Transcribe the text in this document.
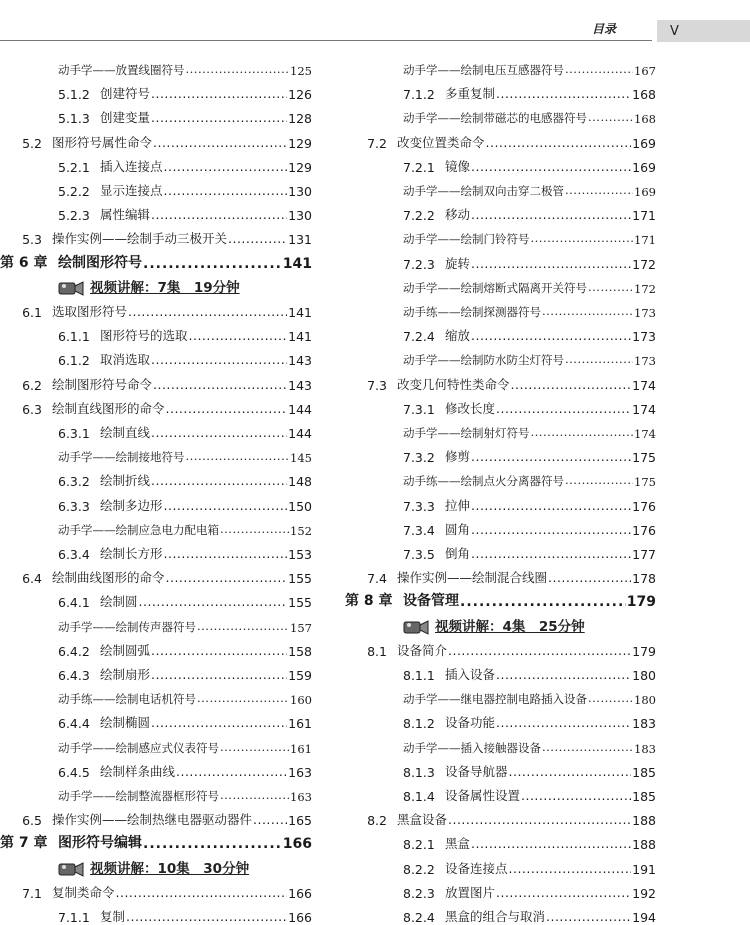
目录	V
动手学——放置线圈符号 .....	125
5.1.2 创建符号 .....	126
5.1.3 创建变量 .....	128
5.2 图形符号属性命令 .....	129
5.2.1 插入连接点 .....	129
5.2.2 显示连接点 .....	130
5.2.3 属性编辑 .....	130
5.3 操作实例——绘制手动三极开关 .....	131
第 6 章 绘制图形符号 .....	141
视频讲解：7集　19分钟
6.1 选取图形符号 .....	141
6.1.1 图形符号的选取 .....	141
6.1.2 取消选取 .....	143
6.2 绘制图形符号命令 .....	143
6.3 绘制直线图形的命令 .....	144
6.3.1 绘制直线 .....	144
动手学——绘制接地符号 .....	145
6.3.2 绘制折线 .....	148
6.3.3 绘制多边形 .....	150
动手学——绘制应急电力配电箱 .....	152
6.3.4 绘制长方形 .....	153
6.4 绘制曲线图形的命令 .....	155
6.4.1 绘制圆 .....	155
动手学——绘制传声器符号 .....	157
6.4.2 绘制圆弧 .....	158
6.4.3 绘制扇形 .....	159
动手练——绘制电话机符号 .....	160
6.4.4 绘制椭圆 .....	161
动手学——绘制感应式仪表符号 .....	161
6.4.5 绘制样条曲线 .....	163
动手学——绘制整流器框形符号 .....	163
6.5 操作实例——绘制热继电器驱动器件 .....	165
第 7 章 图形符号编辑 .....	166
视频讲解：10集　30分钟
7.1 复制类命令 .....	166
7.1.1 复制 .....	166
动手学——绘制电压互感器符号 .....	167
7.1.2 多重复制 .....	168
动手学——绘制带磁芯的电感器符号 .....	168
7.2 改变位置类命令 .....	169
7.2.1 镜像 .....	169
动手学——绘制双向击穿二极管 .....	169
7.2.2 移动 .....	171
动手学——绘制门铃符号 .....	171
7.2.3 旋转 .....	172
动手学——绘制熔断式隔离开关符号 .....	172
动手练——绘制探测器符号 .....	173
7.2.4 缩放 .....	173
动手学——绘制防水防尘灯符号 .....	173
7.3 改变几何特性类命令 .....	174
7.3.1 修改长度 .....	174
动手学——绘制射灯符号 .....	174
7.3.2 修剪 .....	175
动手练——绘制点火分离器符号 .....	175
7.3.3 拉伸 .....	176
7.3.4 圆角 .....	176
7.3.5 倒角 .....	177
7.4 操作实例——绘制混合线圈 .....	178
第 8 章 设备管理 .....	179
视频讲解：4集　25分钟
8.1 设备简介 .....	179
8.1.1 插入设备 .....	180
动手学——继电器控制电路插入设备 .....	180
8.1.2 设备功能 .....	183
动手学——插入接触器设备 .....	183
8.1.3 设备导航器 .....	185
8.1.4 设备属性设置 .....	185
8.2 黑盒设备 .....	188
8.2.1 黑盒 .....	188
8.2.2 设备连接点 .....	191
8.2.3 放置图片 .....	192
8.2.4 黑盒的组合与取消 .....	194
